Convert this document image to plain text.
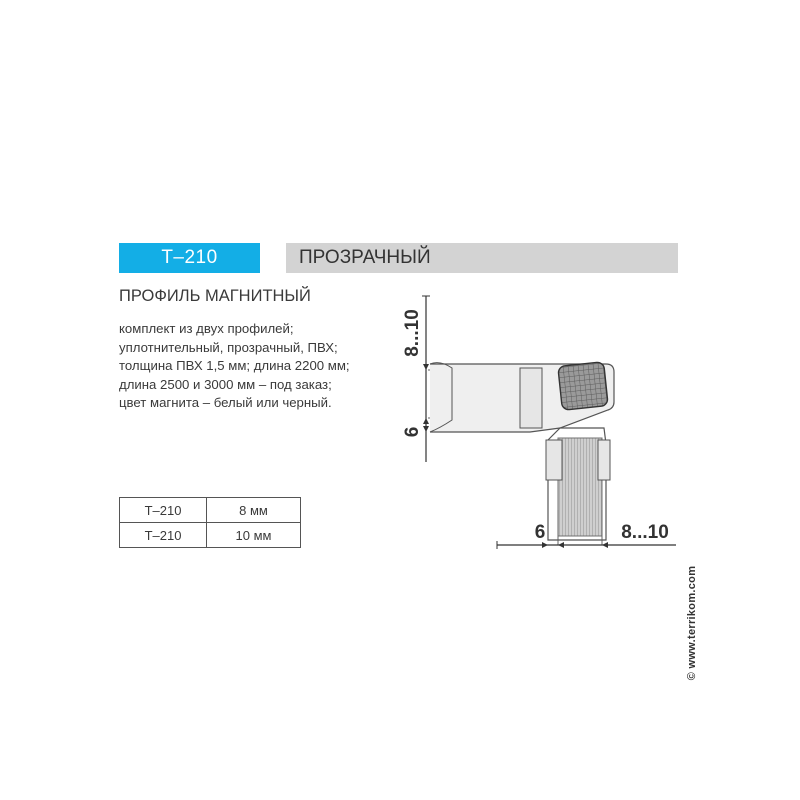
T–210	ПРОЗРАЧНЫЙ
ПРОФИЛЬ МАГНИТНЫЙ
комплект из двух профилей;
уплотнительный, прозрачный, ПВХ;
толщина ПВХ 1,5 мм; длина 2200 мм;
длина 2500 и 3000 мм – под заказ;
цвет магнита – белый или черный.
T–210	8 мм
T–210	10 мм
8...10
6
6	8...10
© www.terrikom.com
